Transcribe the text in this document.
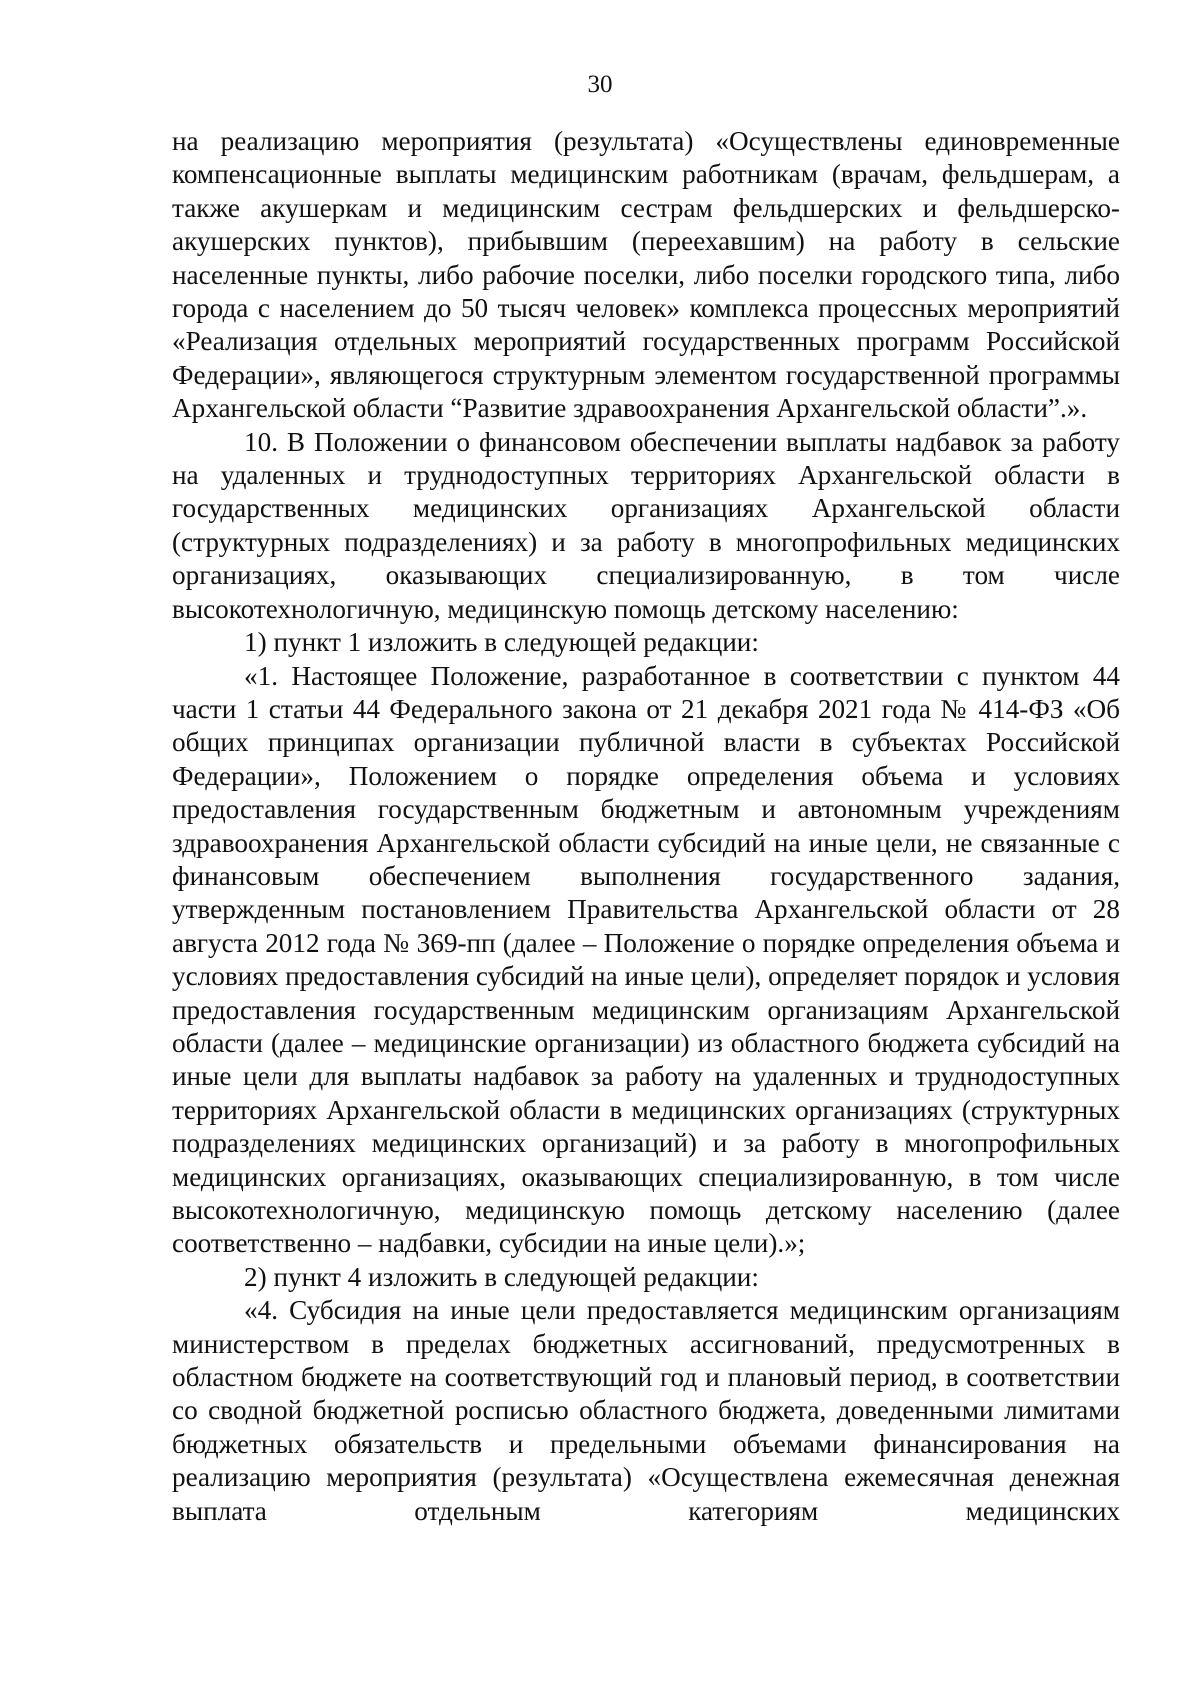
30

на реализацию мероприятия (результата) «Осуществлены единовременные компенсационные выплаты медицинским работникам (врачам, фельдшерам, а также акушеркам и медицинским сестрам фельдшерских и фельдшерско-акушерских пунктов), прибывшим (переехавшим) на работу в сельские населенные пункты, либо рабочие поселки, либо поселки городского типа, либо города с населением до 50 тысяч человек» комплекса процессных мероприятий «Реализация отдельных мероприятий государственных программ Российской Федерации», являющегося структурным элементом государственной программы Архангельской области “Развитие здравоохранения Архангельской области”.».

10. В Положении о финансовом обеспечении выплаты надбавок за работу на удаленных и труднодоступных территориях Архангельской области в государственных медицинских организациях Архангельской области (структурных подразделениях) и за работу в многопрофильных медицинских организациях, оказывающих специализированную, в том числе высокотехнологичную, медицинскую помощь детскому населению:

1) пункт 1 изложить в следующей редакции:

«1. Настоящее Положение, разработанное в соответствии с пунктом 44 части 1 статьи 44 Федерального закона от 21 декабря 2021 года № 414-ФЗ «Об общих принципах организации публичной власти в субъектах Российской Федерации», Положением о порядке определения объема и условиях предоставления государственным бюджетным и автономным учреждениям здравоохранения Архангельской области субсидий на иные цели, не связанные с финансовым обеспечением выполнения государственного задания, утвержденным постановлением Правительства Архангельской области от 28 августа 2012 года № 369-пп (далее – Положение о порядке определения объема и условиях предоставления субсидий на иные цели), определяет порядок и условия предоставления государственным медицинским организациям Архангельской области (далее – медицинские организации) из областного бюджета субсидий на иные цели для выплаты надбавок за работу на удаленных и труднодоступных территориях Архангельской области в медицинских организациях (структурных подразделениях медицинских организаций) и за работу в многопрофильных медицинских организациях, оказывающих специализированную, в том числе высокотехнологичную, медицинскую помощь детскому населению (далее соответственно – надбавки, субсидии на иные цели).»;

2) пункт 4 изложить в следующей редакции:

«4. Субсидия на иные цели предоставляется медицинским организациям министерством в пределах бюджетных ассигнований, предусмотренных в областном бюджете на соответствующий год и плановый период, в соответствии со сводной бюджетной росписью областного бюджета, доведенными лимитами бюджетных обязательств и предельными объемами финансирования на реализацию мероприятия (результата) «Осуществлена ежемесячная денежная выплата отдельным категориям медицинских
